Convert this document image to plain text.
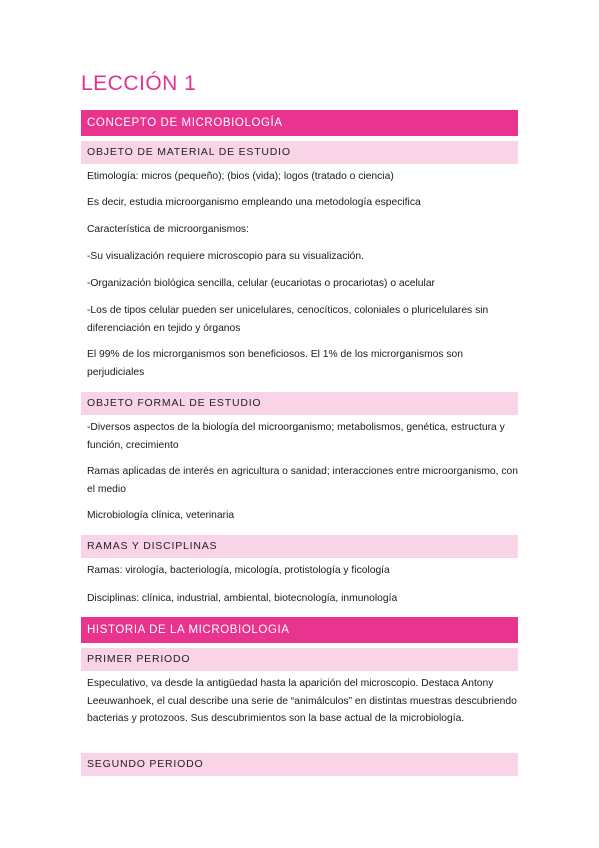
LECCIÓN 1
CONCEPTO DE MICROBIOLOGÍA
OBJETO DE MATERIAL DE ESTUDIO
Etimología: micros (pequeño); (bios (vida); logos (tratado o ciencia)
Es decir, estudia microorganismo empleando una metodología especifica
Característica de microorganismos:
-Su visualización requiere microscopio para su visualización.
-Organización biológica sencilla, celular (eucariotas o procariotas) o acelular
-Los de tipos celular pueden ser unicelulares, cenocíticos, coloniales o pluricelulares sin diferenciación en tejido y órganos
El 99% de los microrganismos son beneficiosos. El 1% de los microrganismos son perjudiciales
OBJETO FORMAL DE ESTUDIO
-Diversos aspectos de la biología del microorganismo; metabolismos, genética, estructura y función, crecimiento
Ramas aplicadas de interés en agricultura o sanidad; interacciones entre microorganismo, con el medio
Microbiología clínica, veterinaria
RAMAS Y DISCIPLINAS
Ramas: virología, bacteriología, micología, protistología y ficología
Disciplinas: clínica, industrial, ambiental, biotecnología, inmunología
HISTORIA DE LA MICROBIOLOGIA
PRIMER PERIODO
Especulativo, va desde la antigüedad hasta la aparición del microscopio. Destaca Antony Leeuwanhoek, el cual describe una serie de “animálculos” en distintas muestras descubriendo bacterias y protozoos. Sus descubrimientos son la base actual de la microbiología.
SEGUNDO PERIODO
